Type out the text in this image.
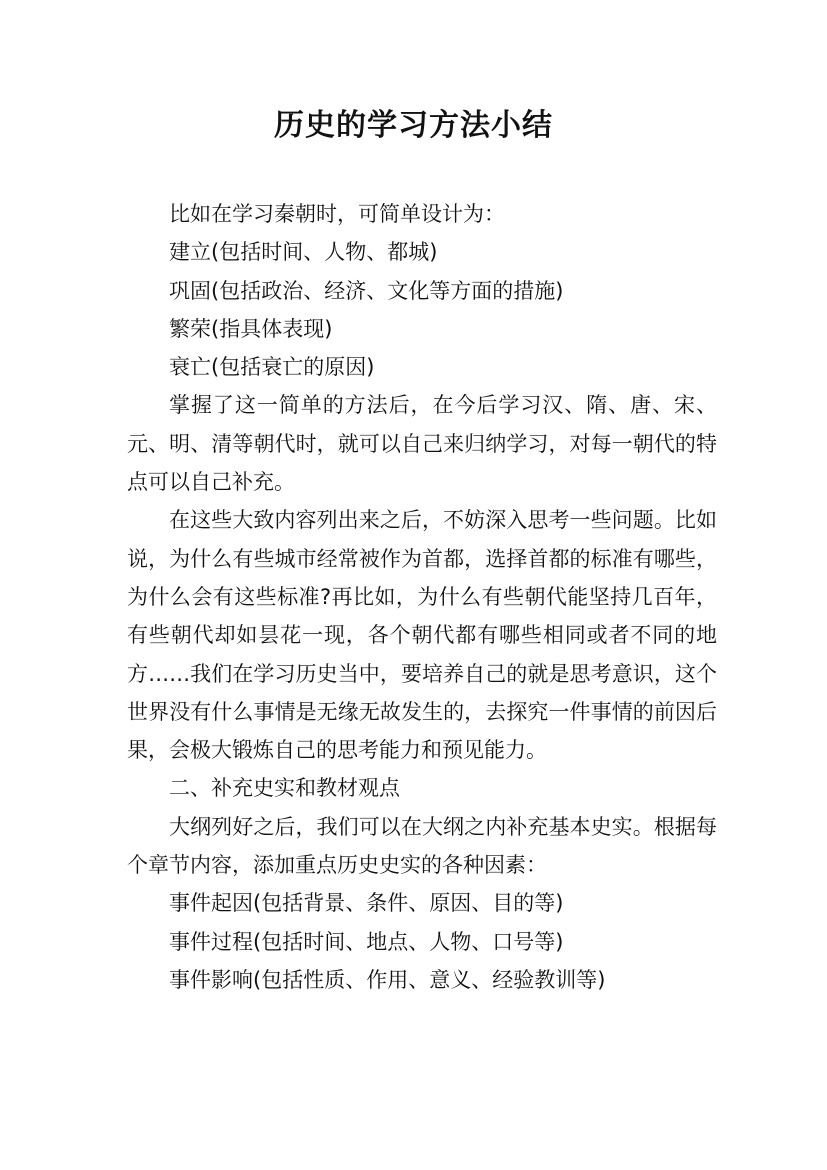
历史的学习方法小结

比如在学习秦朝时，可简单设计为：

建立(包括时间、人物、都城)

巩固(包括政治、经济、文化等方面的措施)

繁荣(指具体表现)

衰亡(包括衰亡的原因)

掌握了这一简单的方法后，在今后学习汉、隋、唐、宋、元、明、清等朝代时，就可以自己来归纳学习，对每一朝代的特点可以自己补充。

在这些大致内容列出来之后，不妨深入思考一些问题。比如说，为什么有些城市经常被作为首都，选择首都的标准有哪些，为什么会有这些标准?再比如，为什么有些朝代能坚持几百年，有些朝代却如昙花一现，各个朝代都有哪些相同或者不同的地方……我们在学习历史当中，要培养自己的就是思考意识，这个世界没有什么事情是无缘无故发生的，去探究一件事情的前因后果，会极大锻炼自己的思考能力和预见能力。

二、补充史实和教材观点

大纲列好之后，我们可以在大纲之内补充基本史实。根据每个章节内容，添加重点历史史实的各种因素：

事件起因(包括背景、条件、原因、目的等)

事件过程(包括时间、地点、人物、口号等)

事件影响(包括性质、作用、意义、经验教训等)
